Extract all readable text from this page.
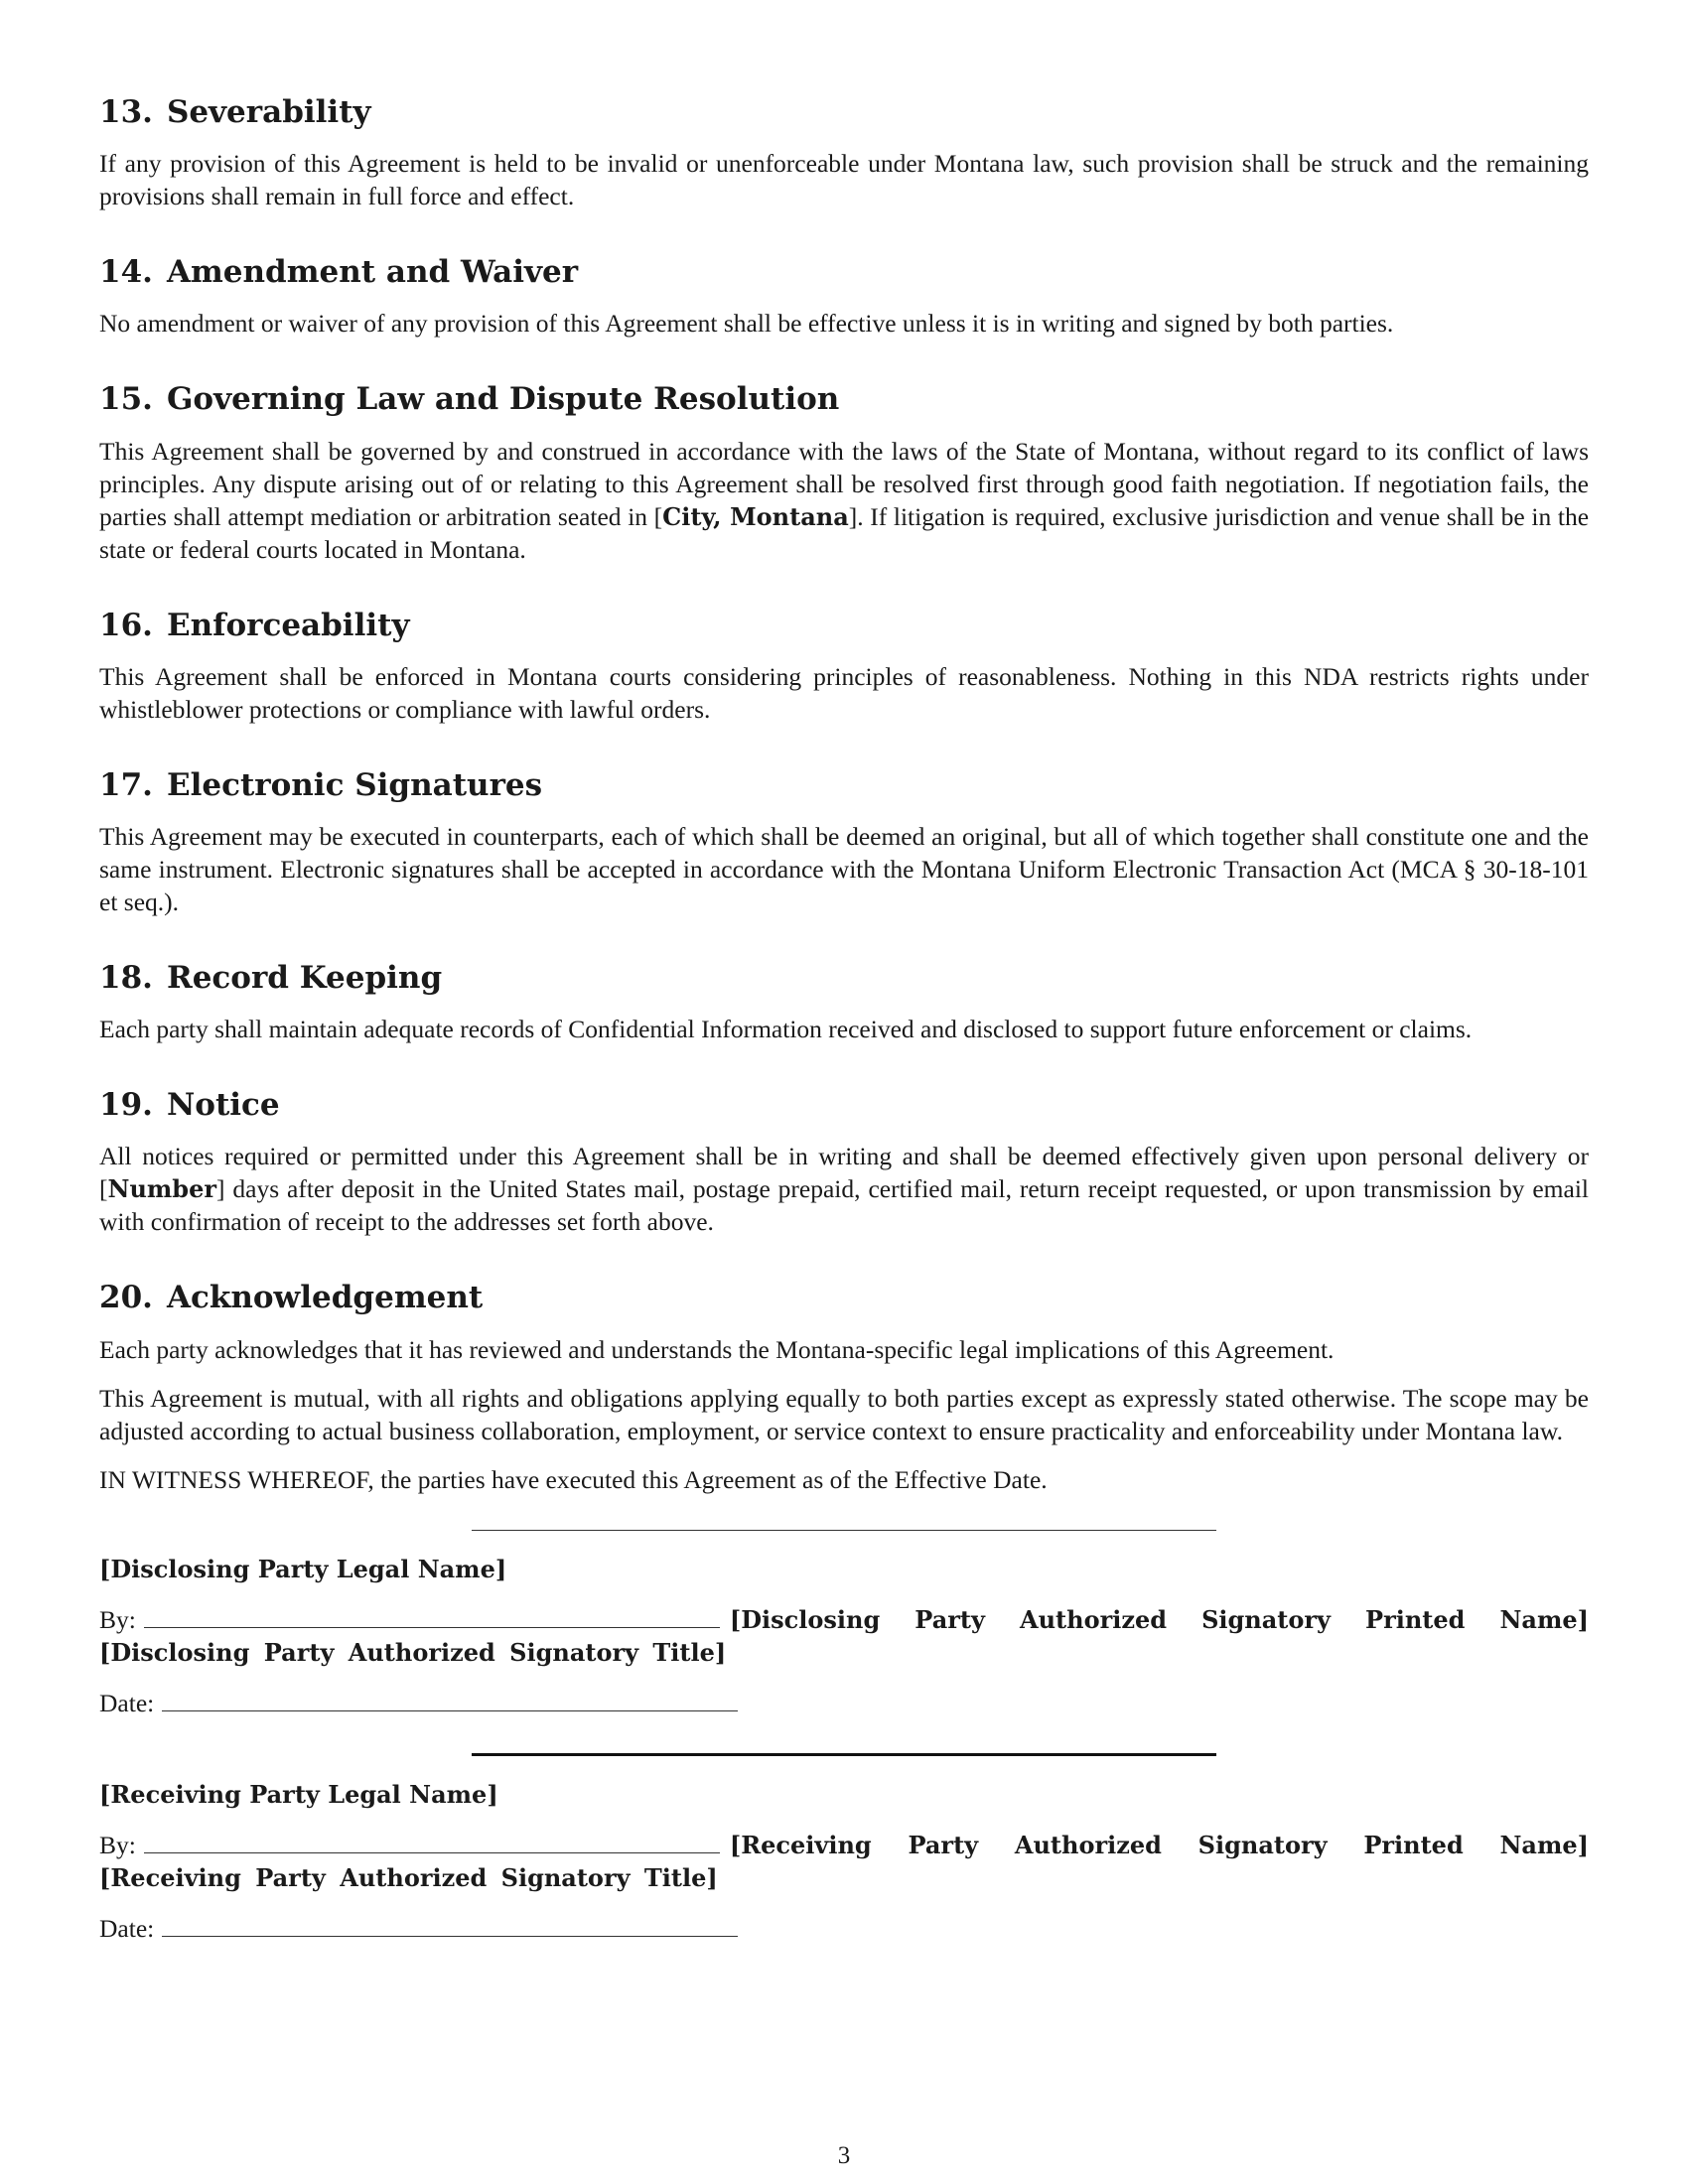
13. Severability

If any provision of this Agreement is held to be invalid or unenforceable under Montana law, such provision shall be struck and the remaining provisions shall remain in full force and effect.

14. Amendment and Waiver

No amendment or waiver of any provision of this Agreement shall be effective unless it is in writing and signed by both parties.

15. Governing Law and Dispute Resolution

This Agreement shall be governed by and construed in accordance with the laws of the State of Montana, without regard to its conflict of laws principles. Any dispute arising out of or relating to this Agreement shall be resolved first through good faith negotiation. If negotiation fails, the parties shall attempt mediation or arbitration seated in [City, Montana]. If litigation is required, exclusive jurisdiction and venue shall be in the state or federal courts located in Montana.

16. Enforceability

This Agreement shall be enforced in Montana courts considering principles of reasonableness. Nothing in this NDA restricts rights under whistleblower protections or compliance with lawful orders.

17. Electronic Signatures

This Agreement may be executed in counterparts, each of which shall be deemed an original, but all of which together shall constitute one and the same instrument. Electronic signatures shall be accepted in accordance with the Montana Uniform Electronic Transaction Act (MCA § 30-18-101 et seq.).

18. Record Keeping

Each party shall maintain adequate records of Confidential Information received and disclosed to support future enforcement or claims.

19. Notice

All notices required or permitted under this Agreement shall be in writing and shall be deemed effectively given upon personal delivery or [Number] days after deposit in the United States mail, postage prepaid, certified mail, return receipt requested, or upon transmission by email with confirmation of receipt to the addresses set forth above.

20. Acknowledgement

Each party acknowledges that it has reviewed and understands the Montana-specific legal implications of this Agreement.

This Agreement is mutual, with all rights and obligations applying equally to both parties except as expressly stated otherwise. The scope may be adjusted according to actual business collaboration, employment, or service context to ensure practicality and enforceability under Montana law.

IN WITNESS WHEREOF, the parties have executed this Agreement as of the Effective Date.

[Disclosing Party Legal Name]
By:	[Disclosing Party Authorized Signatory Printed Name] [Disclosing Party Authorized Signatory Title]
Date:
[Receiving Party Legal Name]
By:	[Receiving Party Authorized Signatory Printed Name] [Receiving Party Authorized Signatory Title]
Date:
3
